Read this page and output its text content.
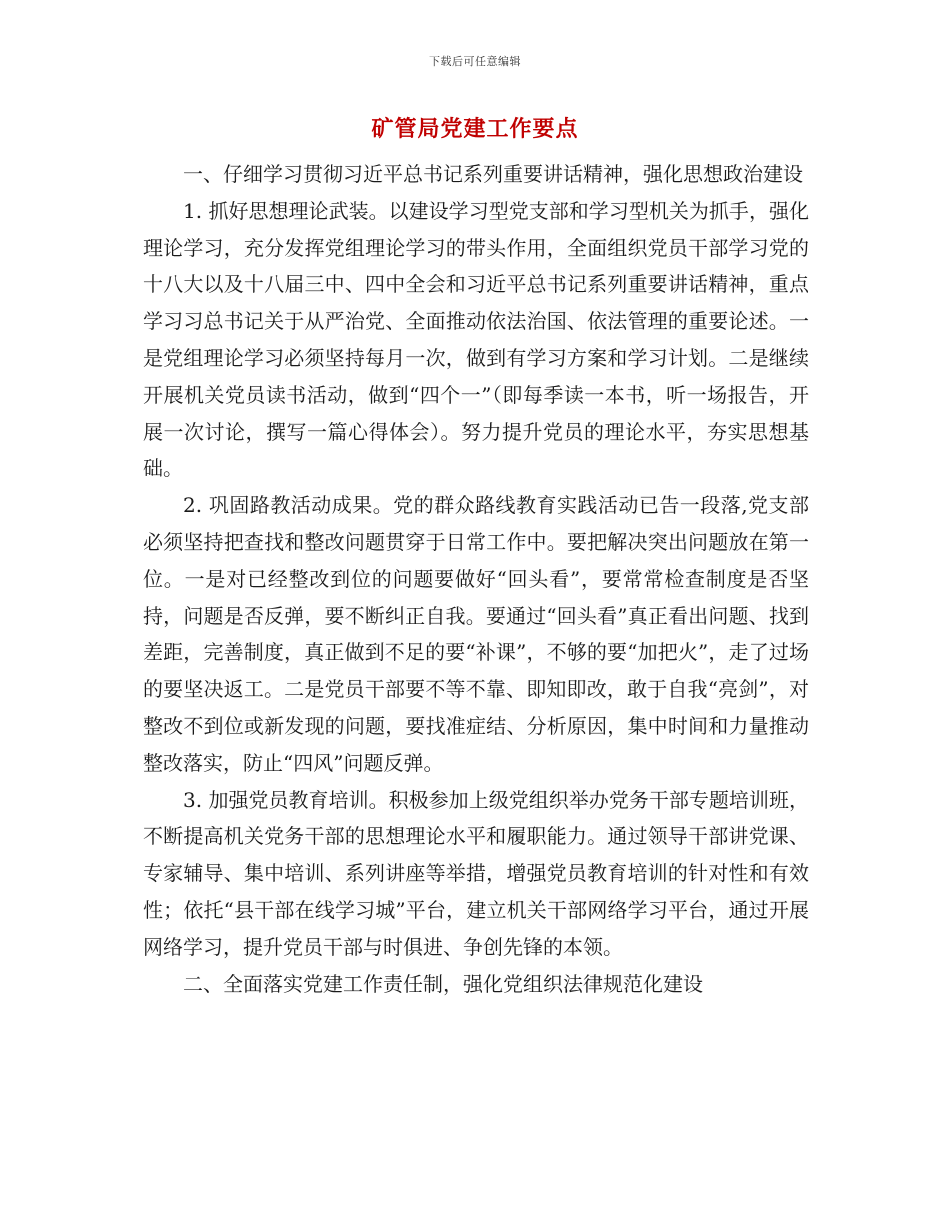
下载后可任意编辑
矿管局党建工作要点

一、仔细学习贯彻习近平总书记系列重要讲话精神，强化思想政治建设

1. 抓好思想理论武装。以建设学习型党支部和学习型机关为抓手，强化理论学习，充分发挥党组理论学习的带头作用，全面组织党员干部学习党的十八大以及十八届三中、四中全会和习近平总书记系列重要讲话精神，重点学习习总书记关于从严治党、全面推动依法治国、依法管理的重要论述。一是党组理论学习必须坚持每月一次，做到有学习方案和学习计划。二是继续开展机关党员读书活动，做到“四个一”（即每季读一本书，听一场报告，开展一次讨论，撰写一篇心得体会）。努力提升党员的理论水平，夯实思想基础。

2. 巩固路教活动成果。党的群众路线教育实践活动已告一段落,党支部必须坚持把查找和整改问题贯穿于日常工作中。要把解决突出问题放在第一位。一是对已经整改到位的问题要做好“回头看”，要常常检查制度是否坚持，问题是否反弹，要不断纠正自我。要通过“回头看”真正看出问题、找到差距，完善制度，真正做到不足的要“补课”，不够的要“加把火”，走了过场的要坚决返工。二是党员干部要不等不靠、即知即改，敢于自我“亮剑”，对整改不到位或新发现的问题，要找准症结、分析原因，集中时间和力量推动整改落实，防止“四风”问题反弹。

3. 加强党员教育培训。积极参加上级党组织举办党务干部专题培训班，不断提高机关党务干部的思想理论水平和履职能力。通过领导干部讲党课、专家辅导、集中培训、系列讲座等举措，增强党员教育培训的针对性和有效性；依托“县干部在线学习城”平台，建立机关干部网络学习平台，通过开展网络学习，提升党员干部与时俱进、争创先锋的本领。

二、全面落实党建工作责任制，强化党组织法律规范化建设
